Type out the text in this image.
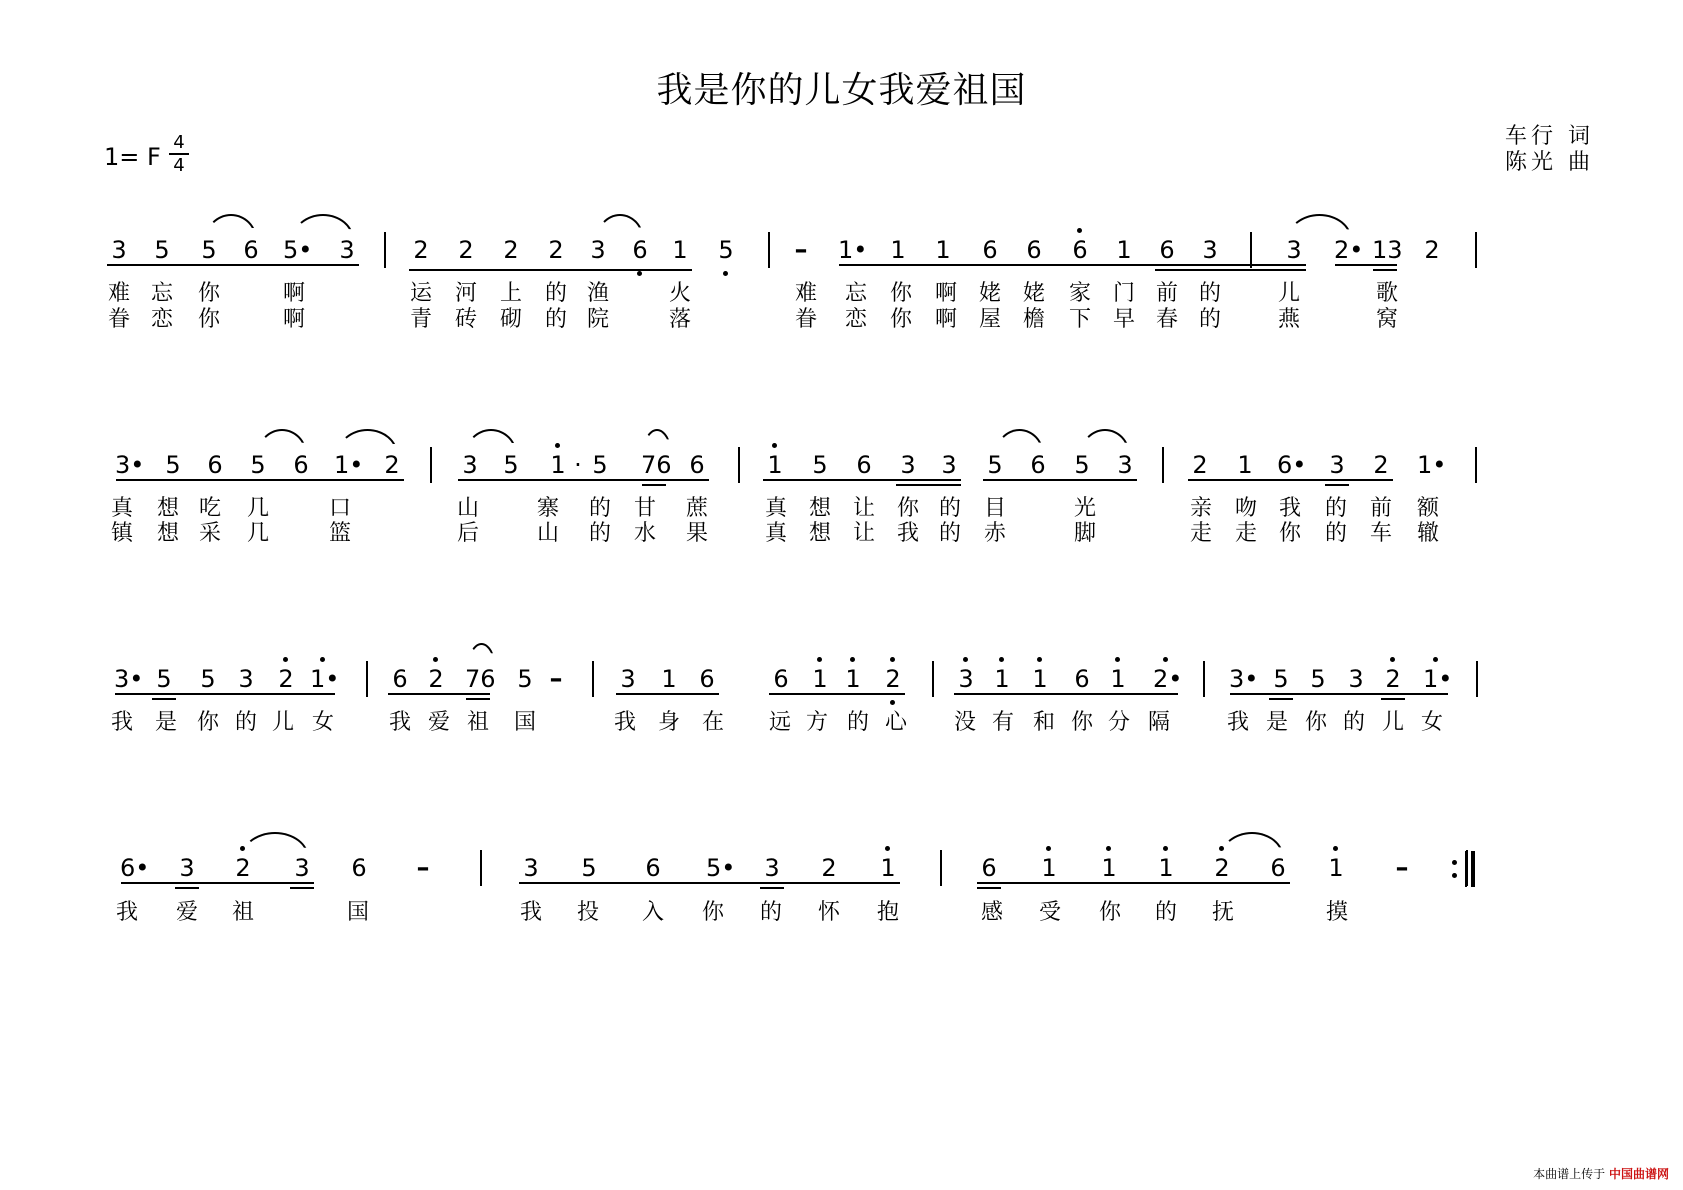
我是你的儿女我爱祖国
1= F
4
4
车行 词
陈光 曲
3 5 5 6 5• 3 2 2 2 2 3 6 1 5 – 1• 1 1 6 6 6 1 6 3	3 2• 13 2
难 忘 你	啊	运 河 上 的 渔	火	难 忘 你 啊 姥 姥 家 门 前 的	儿	歌
眷 恋 你	啊	青 砖 砌 的 院	落	眷 恋 你 啊 屋 檐 下 早 春 的	燕	窝
3• 5 6 5 6 1• 2	3 5 1 · 5 76 6	1 5 6 3 3 5 6 5 3 2 1 6• 3 2 1•
真 想 吃 几	口	山	寨 的 甘 蔗	真 想 让 你 的 目	光	亲 吻 我 的 前 额
镇 想 采 几	篮	后	山 的 水 果	真 想 让 我 的 赤	脚	走 走 你 的 车 辙
3• 5 5 3 2 1• 6 2 76 5 – 3 1 6 6 1 1 2 3 1 1 6 1 2• 3• 5 5 3 2 1•
我 是 你 的 儿 女 我 爱 祖 国	我 身 在 远 方 的 心 没 有 和 你 分 隔	我 是 你 的 儿 女
6• 3 2 3 6 –	3 5 6 5• 3 2 1	6 1 1 1 2 6 1 –
我 爱 祖	国	我 投 入 你 的 怀 抱	感 受 你 的 抚	摸
本曲谱上传于 中国曲谱网
